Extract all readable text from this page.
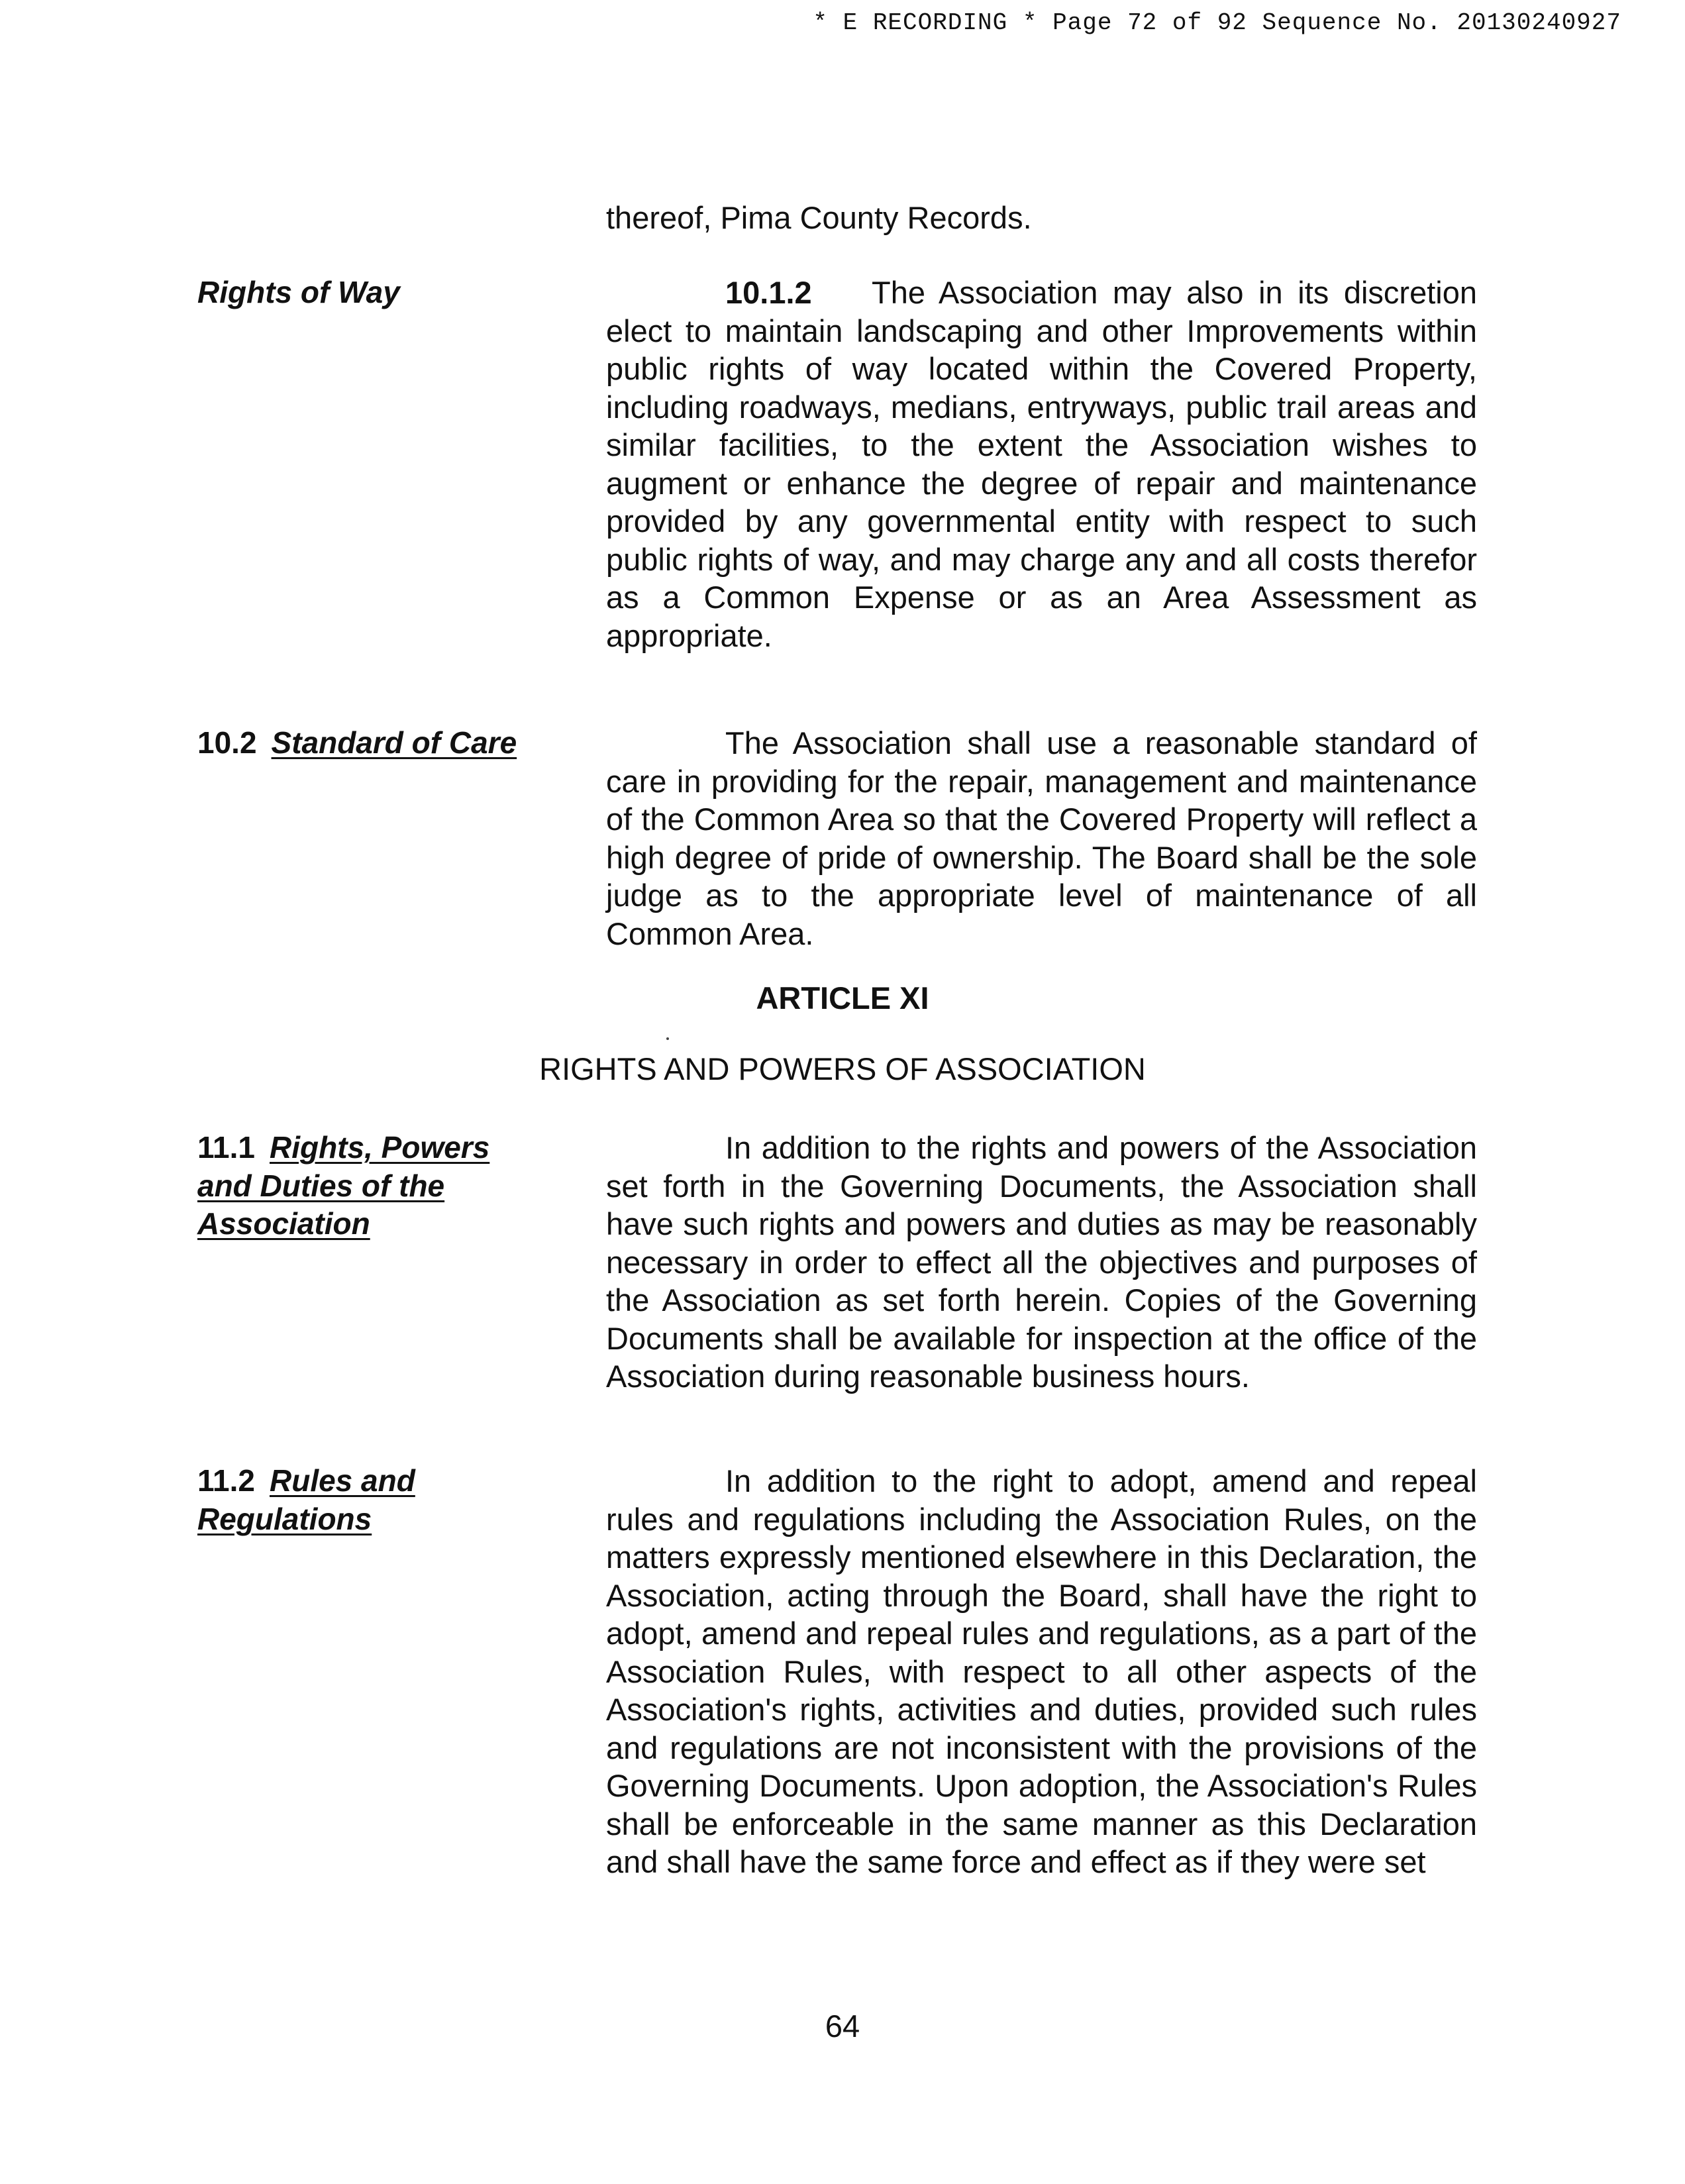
* E RECORDING * Page 72 of 92 Sequence No. 20130240927
thereof, Pima County Records.
Rights of Way	10.1.2 The Association may also in its discretion elect to maintain landscaping and other Improvements within public rights of way located within the Covered Property, including roadways, medians, entryways, public trail areas and similar facilities, to the extent the Association wishes to augment or enhance the degree of repair and maintenance provided by any governmental entity with respect to such public rights of way, and may charge any and all costs therefor as a Common Expense or as an Area Assessment as appropriate.
10.2 Standard of Care	The Association shall use a reasonable standard of care in providing for the repair, management and maintenance of the Common Area so that the Covered Property will reflect a high degree of pride of ownership. The Board shall be the sole judge as to the appropriate level of maintenance of all Common Area.
ARTICLE XI
RIGHTS AND POWERS OF ASSOCIATION
11.1 Rights, Powers
and Duties of the
Association
In addition to the rights and powers of the Association set forth in the Governing Documents, the Association shall have such rights and powers and duties as may be reasonably necessary in order to effect all the objectives and purposes of the Association as set forth herein. Copies of the Governing Documents shall be available for inspection at the office of the Association during reasonable business hours.
11.2 Rules and
Regulations
In addition to the right to adopt, amend and repeal rules and regulations including the Association Rules, on the matters expressly mentioned elsewhere in this Declaration, the Association, acting through the Board, shall have the right to adopt, amend and repeal rules and regulations, as a part of the Association Rules, with respect to all other aspects of the Association's rights, activities and duties, provided such rules and regulations are not inconsistent with the provisions of the Governing Documents. Upon adoption, the Association's Rules shall be enforceable in the same manner as this Declaration and shall have the same force and effect as if they were set
64
